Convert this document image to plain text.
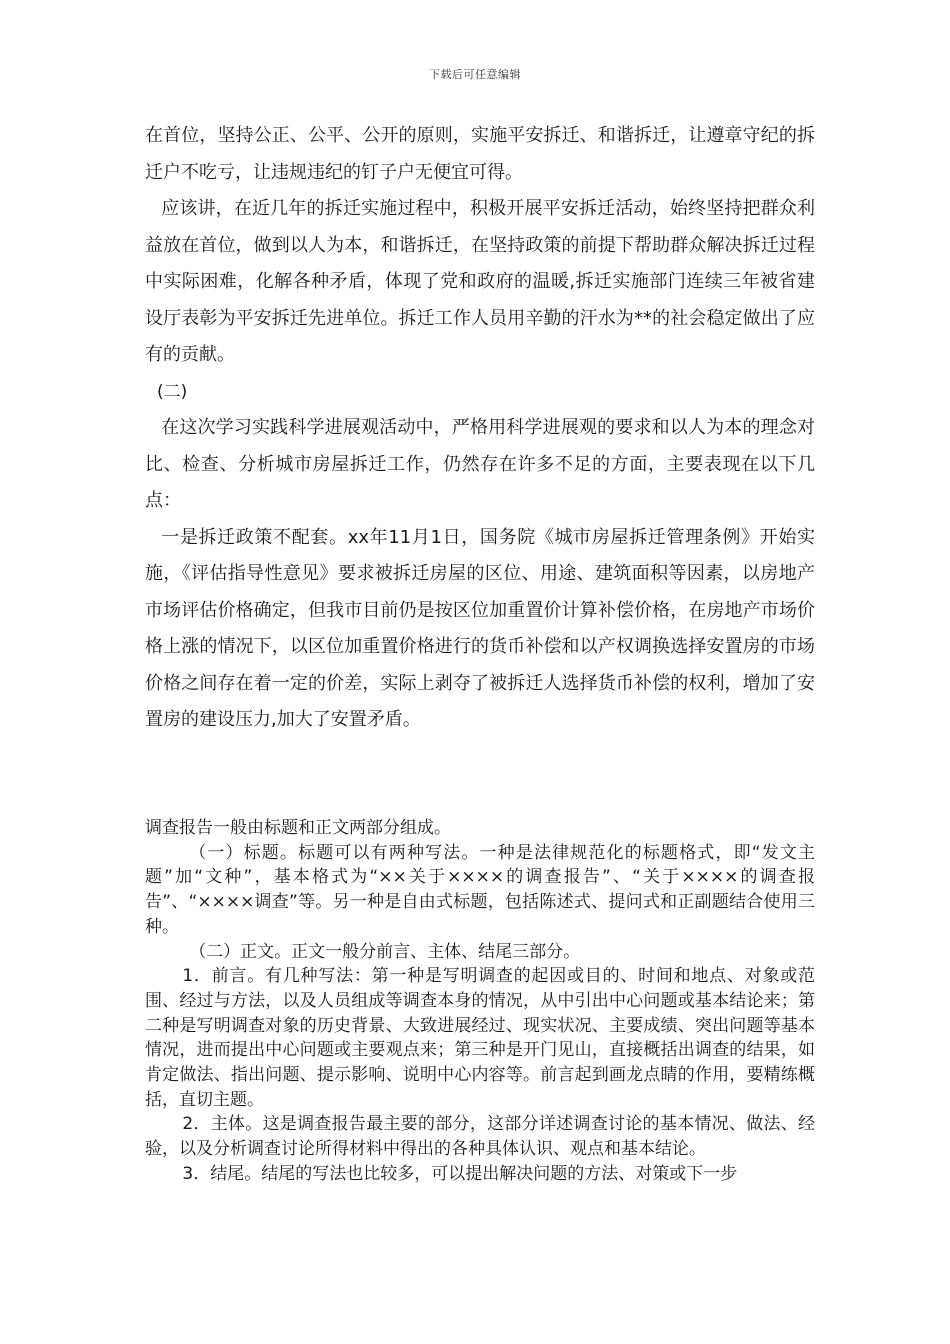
下载后可任意编辑

在首位，坚持公正、公平、公开的原则，实施平安拆迁、和谐拆迁，让遵章守纪的拆迁户不吃亏，让违规违纪的钉子户无便宜可得。

应该讲，在近几年的拆迁实施过程中，积极开展平安拆迁活动，始终坚持把群众利益放在首位，做到以人为本，和谐拆迁，在坚持政策的前提下帮助群众解决拆迁过程中实际困难，化解各种矛盾，体现了党和政府的温暖,拆迁实施部门连续三年被省建设厅表彰为平安拆迁先进单位。拆迁工作人员用辛勤的汗水为**的社会稳定做出了应有的贡献。

(二)

在这次学习实践科学进展观活动中，严格用科学进展观的要求和以人为本的理念对比、检查、分析城市房屋拆迁工作，仍然存在许多不足的方面，主要表现在以下几点：

一是拆迁政策不配套。xx年11月1日，国务院《城市房屋拆迁管理条例》开始实施，《评估指导性意见》要求被拆迁房屋的区位、用途、建筑面积等因素，以房地产市场评估价格确定，但我市目前仍是按区位加重置价计算补偿价格，在房地产市场价格上涨的情况下，以区位加重置价格进行的货币补偿和以产权调换选择安置房的市场价格之间存在着一定的价差，实际上剥夺了被拆迁人选择货币补偿的权利，增加了安置房的建设压力,加大了安置矛盾。

调查报告一般由标题和正文两部分组成。

（一）标题。标题可以有两种写法。一种是法律规范化的标题格式，即“发文主题”加“文种”，基本格式为“××关于××××的调查报告”、“关于××××的调查报告”、“××××调查”等。另一种是自由式标题，包括陈述式、提问式和正副题结合使用三种。

（二）正文。正文一般分前言、主体、结尾三部分。

1．前言。有几种写法：第一种是写明调查的起因或目的、时间和地点、对象或范围、经过与方法，以及人员组成等调查本身的情况，从中引出中心问题或基本结论来；第二种是写明调查对象的历史背景、大致进展经过、现实状况、主要成绩、突出问题等基本情况，进而提出中心问题或主要观点来；第三种是开门见山，直接概括出调查的结果，如肯定做法、指出问题、提示影响、说明中心内容等。前言起到画龙点睛的作用，要精练概括，直切主题。

2．主体。这是调查报告最主要的部分，这部分详述调查讨论的基本情况、做法、经验，以及分析调查讨论所得材料中得出的各种具体认识、观点和基本结论。

3．结尾。结尾的写法也比较多，可以提出解决问题的方法、对策或下一步
